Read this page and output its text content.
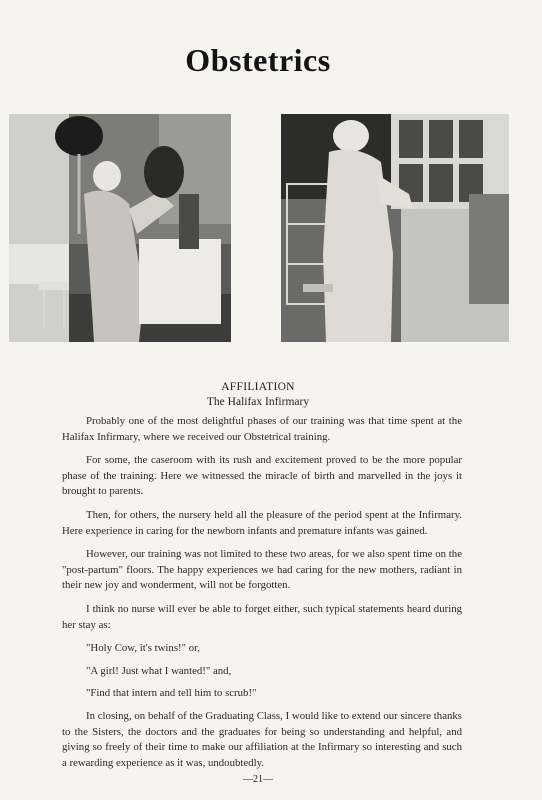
Obstetrics
AFFILIATION
The Halifax Infirmary

Probably one of the most delightful phases of our training was that time spent at the Halifax Infirmary, where we received our Obstetrical training.

For some, the caseroom with its rush and excitement proved to be the more popular phase of the training. Here we witnessed the miracle of birth and marvelled in the joys it brought to parents.

Then, for others, the nursery held all the pleasure of the period spent at the Infirmary. Here experience in caring for the newborn infants and premature infants was gained.

However, our training was not limited to these two areas, for we also spent time on the "post-partum" floors. The happy experiences we had caring for the new mothers, radiant in their new joy and wonderment, will not be forgotten.

I think no nurse will ever be able to forget either, such typical statements heard during her stay as:

"Holy Cow, it's twins!" or,

"A girl! Just what I wanted!" and,

"Find that intern and tell him to scrub!"

In closing, on behalf of the Graduating Class, I would like to extend our sincere thanks to the Sisters, the doctors and the graduates for being so understanding and helpful, and giving so freely of their time to make our affiliation at the Infirmary so interesting and such a rewarding experience as it was, undoubtedly.

—21—
